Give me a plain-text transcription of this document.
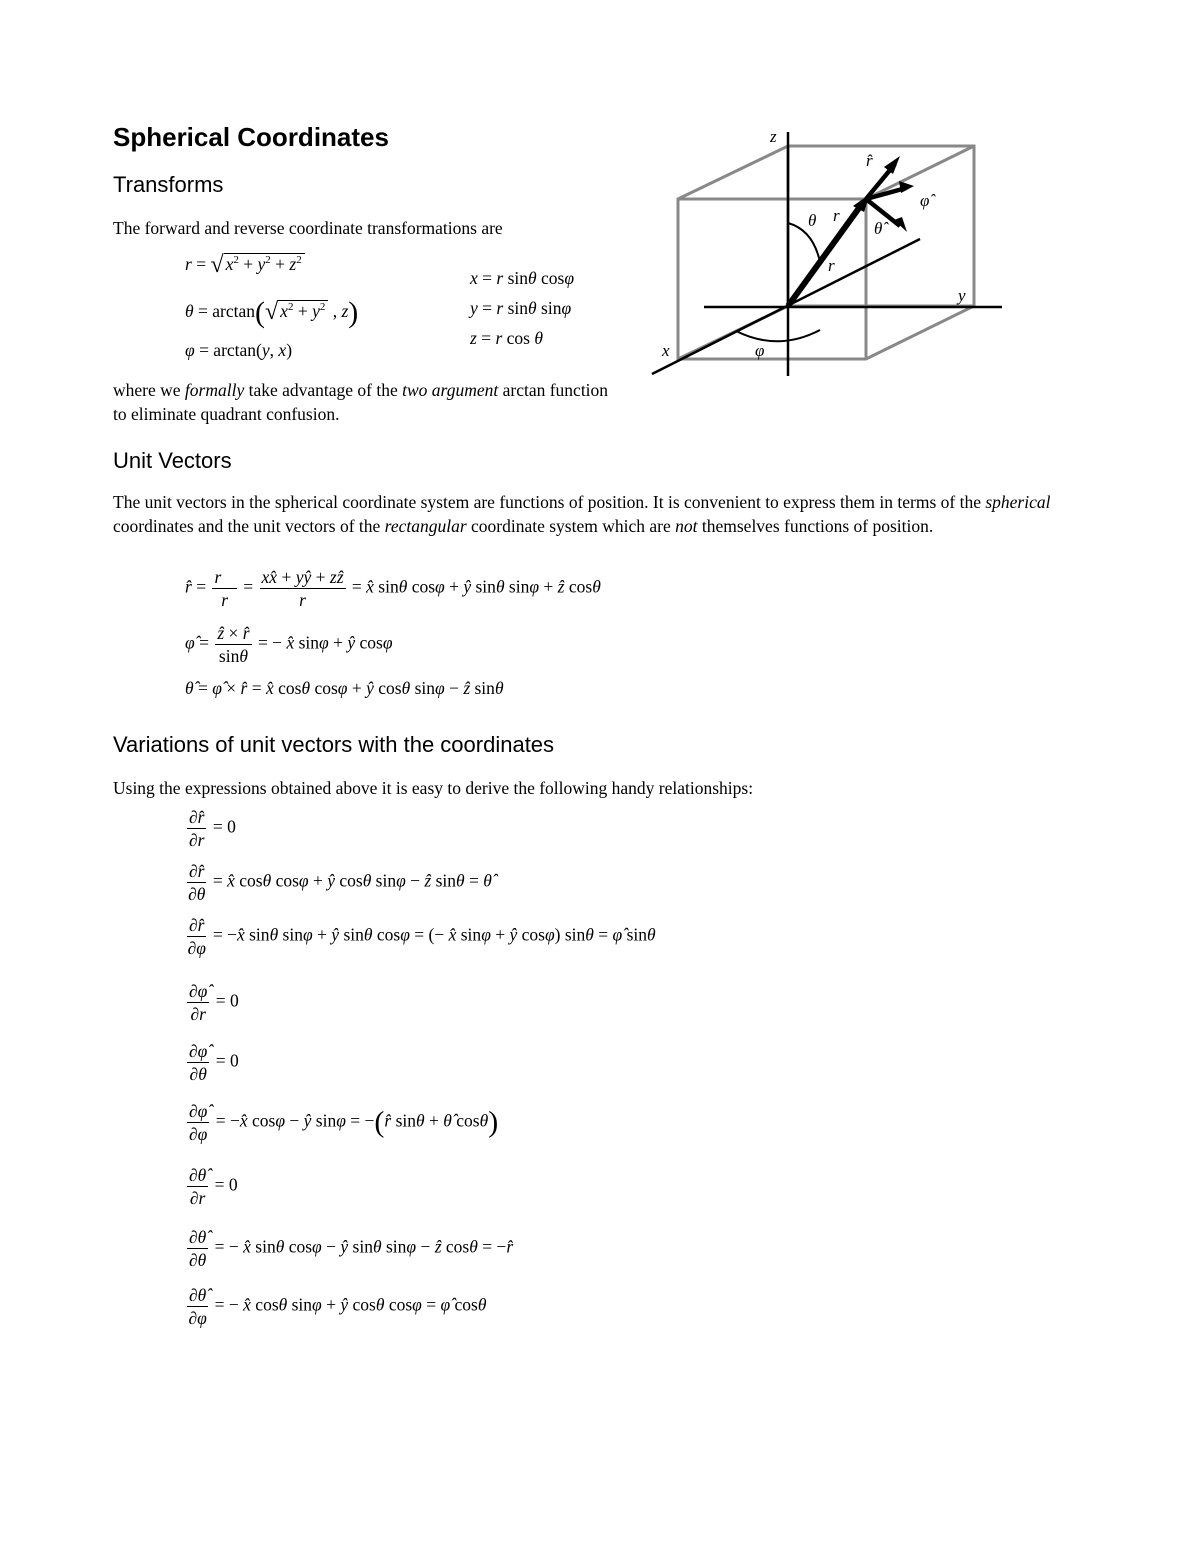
Spherical Coordinates
Transforms

The forward and reverse coordinate transformations are

r = √ $x^2 + y^2 + z^2$
θ = arctan(√ $x^2 + y^2$ , z)
φ = arctan(y, x)
x = r sinθ cosφ
y = r sinθ sinφ
z = r cos θ

where we formally take advantage of the two argument arctan function to eliminate quadrant confusion.

z
y
x
θ r⃗
r
φ
r̂
φ̂
θ̂
Unit Vectors

The unit vectors in the spherical coordinate system are functions of position. It is convenient to express them in terms of the spherical coordinates and the unit vectors of the rectangular coordinate system which are not themselves functions of position.

r̂ = $\frac{r⃗}{r} = \frac{\text{xx̂ + yŷ + zẑ}}{r}$ = x̂ sinθ cosφ + ŷ sinθ sinφ + ẑ cosθ
φ̂ = $\frac{\text{ẑ × r̂}}{\sin\theta}$ = − x̂ sinφ + ŷ cosφ
θ̂ = φ̂ × r̂ = x̂ cosθ cosφ + ŷ cosθ sinφ − ẑ sinθ
Variations of unit vectors with the coordinates

Using the expressions obtained above it is easy to derive the following handy relationships:

$\frac{\partial r̂}{\partial r} = 0$
$\frac{\partial r̂}{\partial\theta}$ = x̂ cosθ cosφ + ŷ cosθ sinφ − ẑ sinθ = θ̂
$\frac{\partial r̂}{\partial\varphi}$ = −x̂ sinθ sinφ + ŷ sinθ cosφ = (− x̂ sinφ + ŷ cosφ) sinθ = φ̂ sinθ
$\frac{\partial\varphî}{\partial r} = 0$
$\frac{\partial\varphî}{\partial\theta} = 0$
$\frac{\partial\varphî}{\partial\varphi}$ = −x̂ cosφ − ŷ sinφ = −(r̂ sinθ + θ̂ cosθ)
$\frac{\partial\thetâ}{\partial r} = 0$
$\frac{\partial\thetâ}{\partial\theta}$ = − x̂ sinθ cosφ − ŷ sinθ sinφ − ẑ cosθ = −r̂
$\frac{\partial\thetâ}{\partial\varphi}$ = − x̂ cosθ sinφ + ŷ cosθ cosφ = φ̂ cosθ
